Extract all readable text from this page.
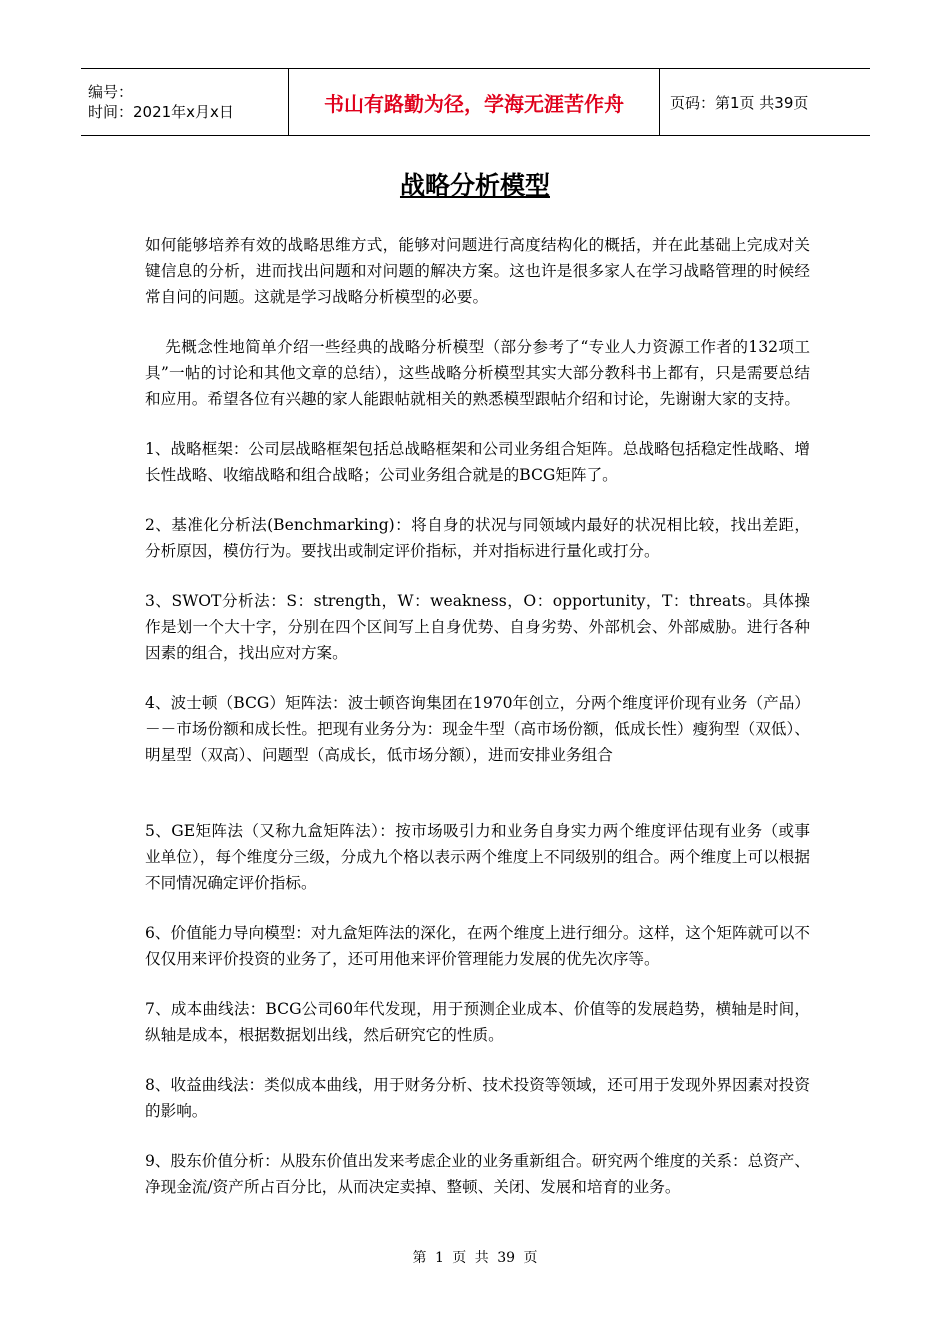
编号：
时间：2021年x月x日	书山有路勤为径，学海无涯苦作舟	页码：第1页 共39页
战略分析模型

如何能够培养有效的战略思维方式，能够对问题进行高度结构化的概括，并在此基础上完成对关键信息的分析，进而找出问题和对问题的解决方案。这也许是很多家人在学习战略管理的时候经常自问的问题。这就是学习战略分析模型的必要。

先概念性地简单介绍一些经典的战略分析模型（部分参考了“专业人力资源工作者的132项工具”一帖的讨论和其他文章的总结），这些战略分析模型其实大部分教科书上都有，只是需要总结和应用。希望各位有兴趣的家人能跟帖就相关的熟悉模型跟帖介绍和讨论，先谢谢大家的支持。

1、战略框架：公司层战略框架包括总战略框架和公司业务组合矩阵。总战略包括稳定性战略、增长性战略、收缩战略和组合战略；公司业务组合就是的BCG矩阵了。

2、基准化分析法(Benchmarking)：将自身的状况与同领域内最好的状况相比较，找出差距，分析原因，模仿行为。要找出或制定评价指标，并对指标进行量化或打分。

3、SWOT分析法：S：strength，W：weakness，O：opportunity，T：threats。具体操作是划一个大十字，分别在四个区间写上自身优势、自身劣势、外部机会、外部威胁。进行各种因素的组合，找出应对方案。

4、波士顿（BCG）矩阵法：波士顿咨询集团在1970年创立，分两个维度评价现有业务（产品）－－市场份额和成长性。把现有业务分为：现金牛型（高市场份额，低成长性）瘦狗型（双低）、明星型（双高）、问题型（高成长，低市场分额），进而安排业务组合

5、GE矩阵法（又称九盒矩阵法）：按市场吸引力和业务自身实力两个维度评估现有业务（或事业单位），每个维度分三级，分成九个格以表示两个维度上不同级别的组合。两个维度上可以根据不同情况确定评价指标。

6、价值能力导向模型：对九盒矩阵法的深化，在两个维度上进行细分。这样，这个矩阵就可以不仅仅用来评价投资的业务了，还可用他来评价管理能力发展的优先次序等。

7、成本曲线法：BCG公司60年代发现，用于预测企业成本、价值等的发展趋势，横轴是时间，纵轴是成本，根据数据划出线，然后研究它的性质。

8、收益曲线法：类似成本曲线，用于财务分析、技术投资等领域，还可用于发现外界因素对投资的影响。

9、股东价值分析：从股东价值出发来考虑企业的业务重新组合。研究两个维度的关系：总资产、净现金流/资产所占百分比，从而决定卖掉、整顿、关闭、发展和培育的业务。

第 1 页 共 39 页
